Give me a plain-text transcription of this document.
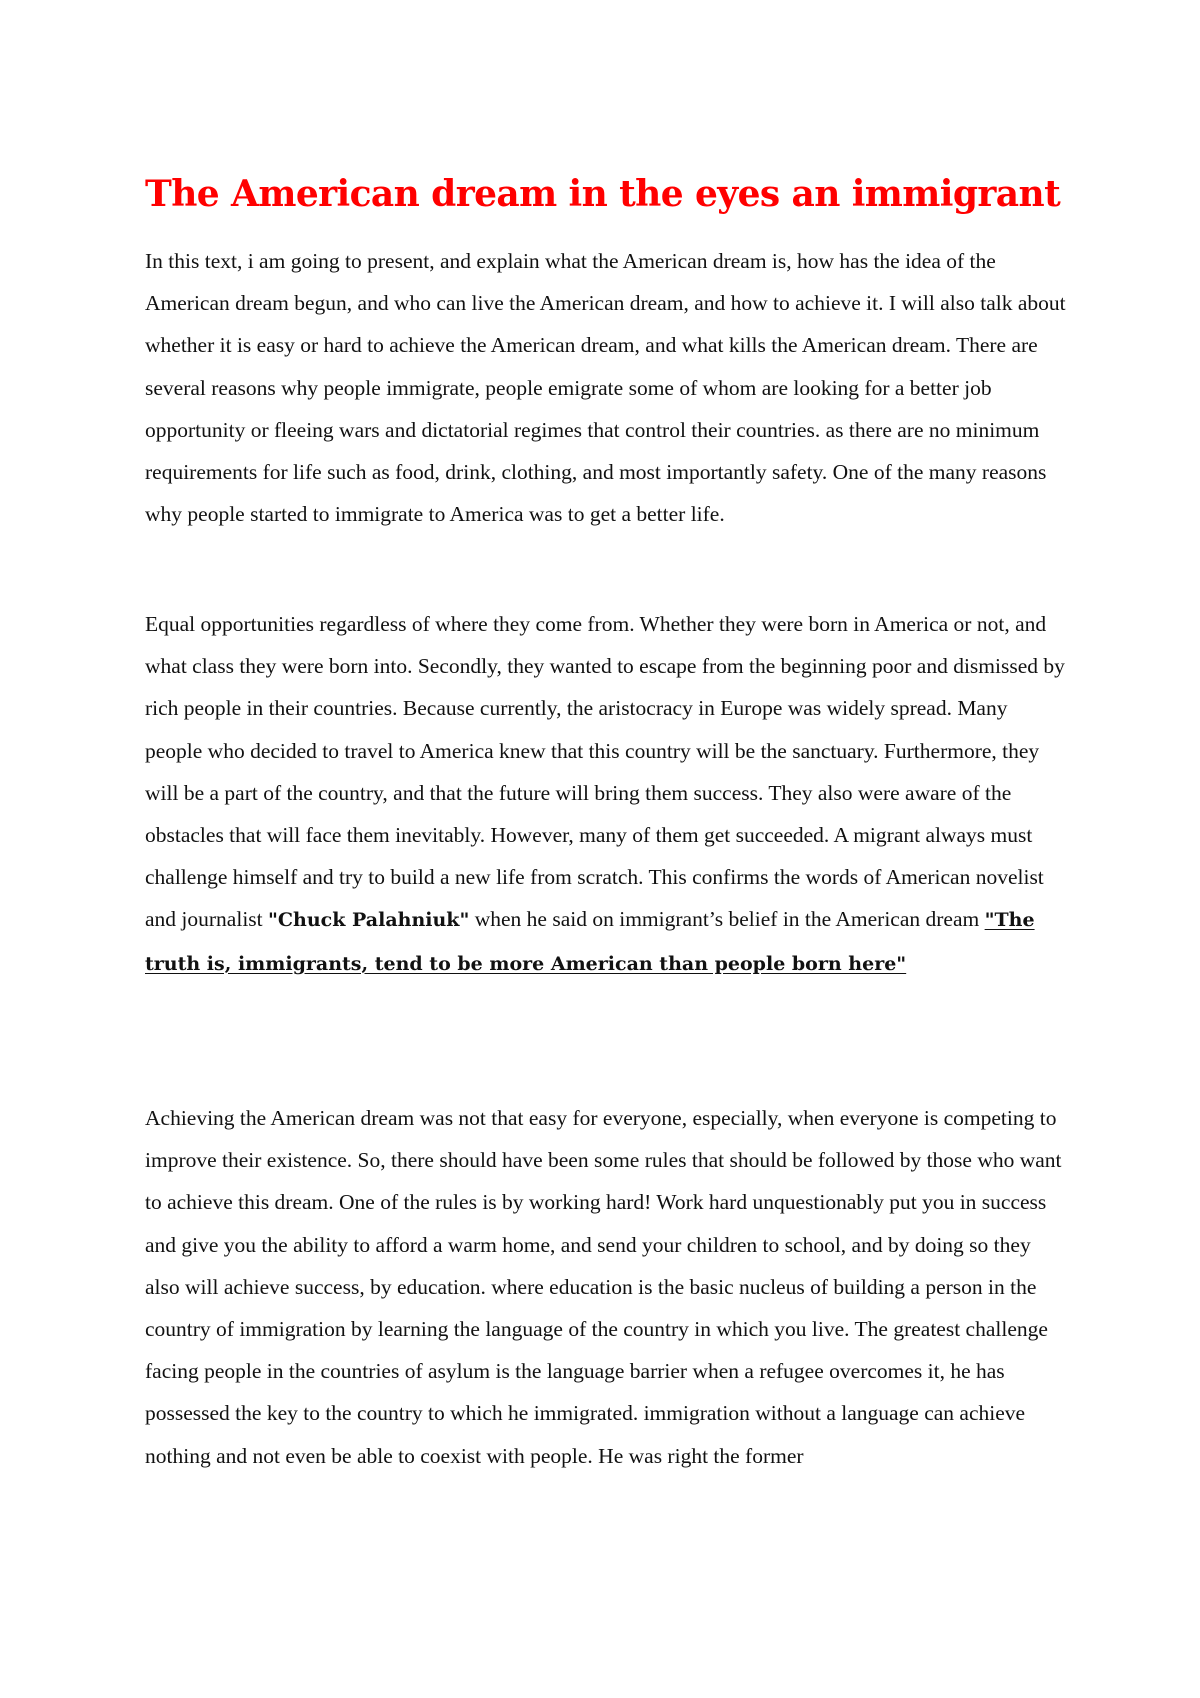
The American dream in the eyes an immigrant

In this text, i am going to present, and explain what the American dream is, how has the idea of the American dream begun, and who can live the American dream, and how to achieve it. I will also talk about whether it is easy or hard to achieve the American dream, and what kills the American dream. There are several reasons why people immigrate, people emigrate some of whom are looking for a better job opportunity or fleeing wars and dictatorial regimes that control their countries. as there are no minimum requirements for life such as food, drink, clothing, and most importantly safety. One of the many reasons why people started to immigrate to America was to get a better life.

Equal opportunities regardless of where they come from. Whether they were born in America or not, and what class they were born into. Secondly, they wanted to escape from the beginning poor and dismissed by rich people in their countries. Because currently, the aristocracy in Europe was widely spread. Many people who decided to travel to America knew that this country will be the sanctuary. Furthermore, they will be a part of the country, and that the future will bring them success. They also were aware of the obstacles that will face them inevitably. However, many of them get succeeded. A migrant always must challenge himself and try to build a new life from scratch. This confirms the words of American novelist and journalist "Chuck Palahniuk" when he said on immigrant’s belief in the American dream "The truth is, immigrants, tend to be more American than people born here"

Achieving the American dream was not that easy for everyone, especially, when everyone is competing to improve their existence. So, there should have been some rules that should be followed by those who want to achieve this dream. One of the rules is by working hard! Work hard unquestionably put you in success and give you the ability to afford a warm home, and send your children to school, and by doing so they also will achieve success, by education. where education is the basic nucleus of building a person in the country of immigration by learning the language of the country in which you live. The greatest challenge facing people in the countries of asylum is the language barrier when a refugee overcomes it, he has possessed the key to the country to which he immigrated. immigration without a language can achieve nothing and not even be able to coexist with people. He was right the former
